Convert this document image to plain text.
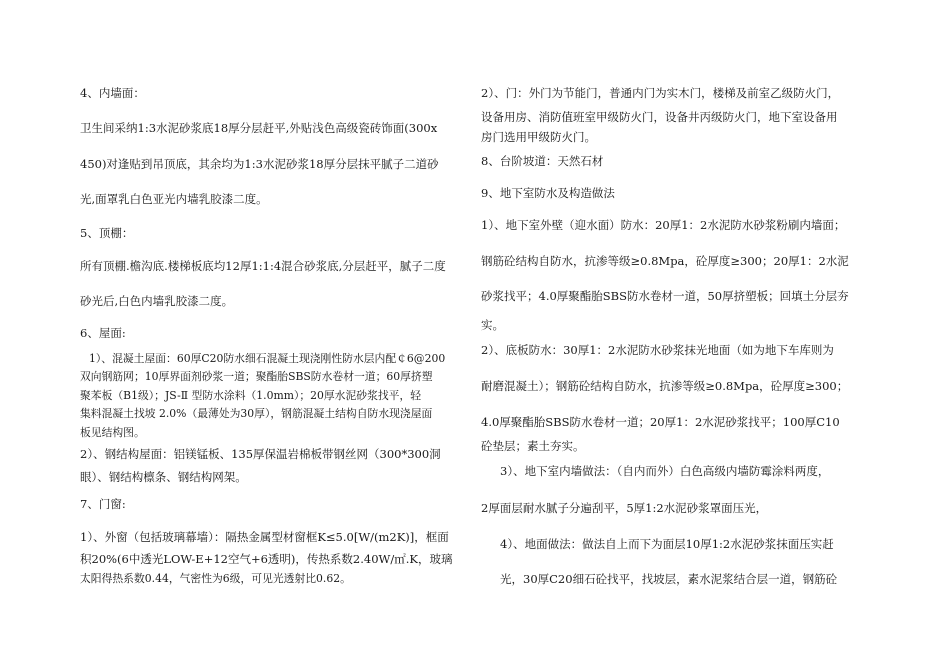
4、内墙面：
卫生间采纳1:3水泥砂浆底18厚分层赶平,外贴浅色高级瓷砖饰面(300x
450)对逢贴到吊顶底，其余均为1:3水泥砂浆18厚分层抹平腻子二道砂
光,面罩乳白色亚光内墙乳胶漆二度。
5、顶棚：
所有顶棚.檐沟底.楼梯板底均12厚1:1:4混合砂浆底,分层赶平，腻子二度
砂光后,白色内墙乳胶漆二度。
6、屋面:
1）、混凝土屋面：60厚C20防水细石混凝土现浇刚性防水层内配￠6@200
双向钢筋网；10厚界面剂砂浆一道；聚酯胎SBS防水卷材一道；60厚挤塑
聚苯板（B1级）；JS-Ⅱ 型防水涂料（1.0mm）；20厚水泥砂浆找平，轻
集料混凝土找坡 2.0%（最薄处为30厚），钢筋混凝土结构自防水现浇屋面
板见结构图。
2）、钢结构屋面：铝镁锰板、135厚保温岩棉板带钢丝网（300*300洞
眼）、钢结构檩条、钢结构网架。
7、门窗:
1）、外窗（包括玻璃幕墙）：隔热金属型材窗框K≤5.0[W/(m2K)]，框面
积20%(6中透光LOW-E+12空气+6透明)，传热系数2.40W/㎡.K，玻璃
太阳得热系数0.44，气密性为6级，可见光透射比0.62。
2）、门：外门为节能门，普通内门为实木门，楼梯及前室乙级防火门，
设备用房、消防值班室甲级防火门，设备井丙级防火门，地下室设备用
房门选用甲级防火门。
8、台阶坡道：天然石材
9、地下室防水及构造做法
1）、地下室外壁（迎水面）防水：20厚1：2水泥防水砂浆粉刷内墙面；
钢筋砼结构自防水，抗渗等级≥0.8Mpa，砼厚度≥300；20厚1：2水泥
砂浆找平；4.0厚聚酯胎SBS防水卷材一道，50厚挤塑板；回填土分层夯
实。
2）、底板防水：30厚1：2水泥防水砂浆抹光地面（如为地下车库则为
耐磨混凝土）；钢筋砼结构自防水，抗渗等级≥0.8Mpa，砼厚度≥300；
4.0厚聚酯胎SBS防水卷材一道；20厚1：2水泥砂浆找平；100厚C10
砼垫层；素土夯实。
3）、地下室内墙做法：（自内而外）白色高级内墙防霉涂料两度，
2厚面层耐水腻子分遍刮平，5厚1:2水泥砂浆罩面压光，
4）、地面做法：做法自上而下为面层10厚1:2水泥砂浆抹面压实赶
光，30厚C20细石砼找平，找坡层，素水泥浆结合层一道，钢筋砼
